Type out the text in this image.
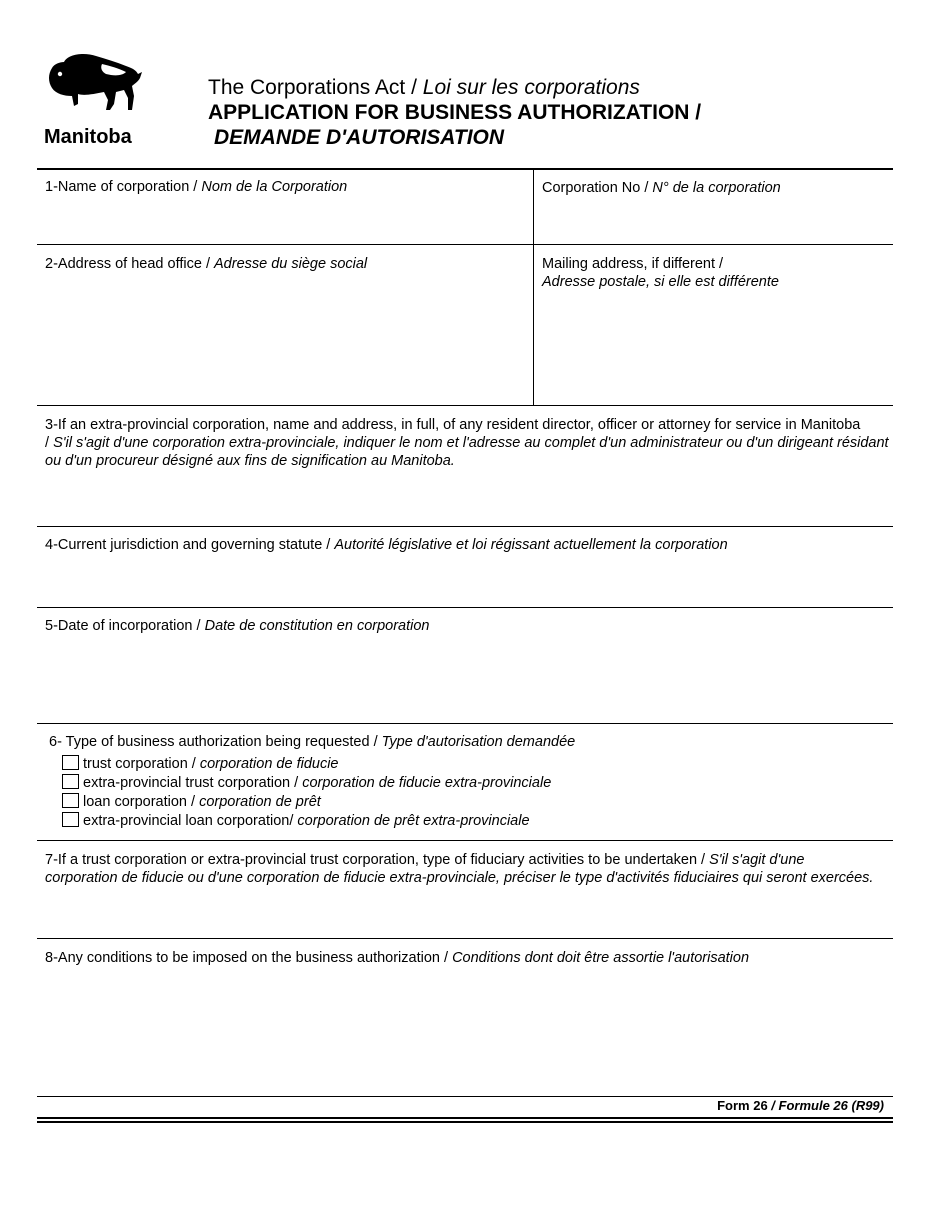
Manitoba
The Corporations Act / Loi sur les corporations
APPLICATION FOR BUSINESS AUTHORIZATION /
DEMANDE D'AUTORISATION
1-Name of corporation / Nom de la Corporation	Corporation No / N° de la corporation
2-Address of head office / Adresse du siège social	Mailing address, if different /
Adresse postale, si elle est différente
3-If an extra-provincial corporation, name and address, in full, of any resident director, officer or attorney for service in Manitoba
/ S'il s'agit d'une corporation extra-provinciale, indiquer le nom et l'adresse au complet d'un administrateur ou d'un dirigeant résidant ou d'un procureur désigné aux fins de signification au Manitoba.
4-Current jurisdiction and governing statute / Autorité législative et loi régissant actuellement la corporation
5-Date of incorporation / Date de constitution en corporation
6- Type of business authorization being requested / Type d'autorisation demandée
trust corporation / corporation de fiducie
extra-provincial trust corporation / corporation de fiducie extra-provinciale
loan corporation / corporation de prêt
extra-provincial loan corporation/ corporation de prêt extra-provinciale
7-If a trust corporation or extra-provincial trust corporation, type of fiduciary activities to be undertaken / S'il s'agit d'une corporation de fiducie ou d'une corporation de fiducie extra-provinciale, préciser le type d'activités fiduciaires qui seront exercées.
8-Any conditions to be imposed on the business authorization / Conditions dont doit être assortie l'autorisation
Form 26 / Formule 26 (R99)
